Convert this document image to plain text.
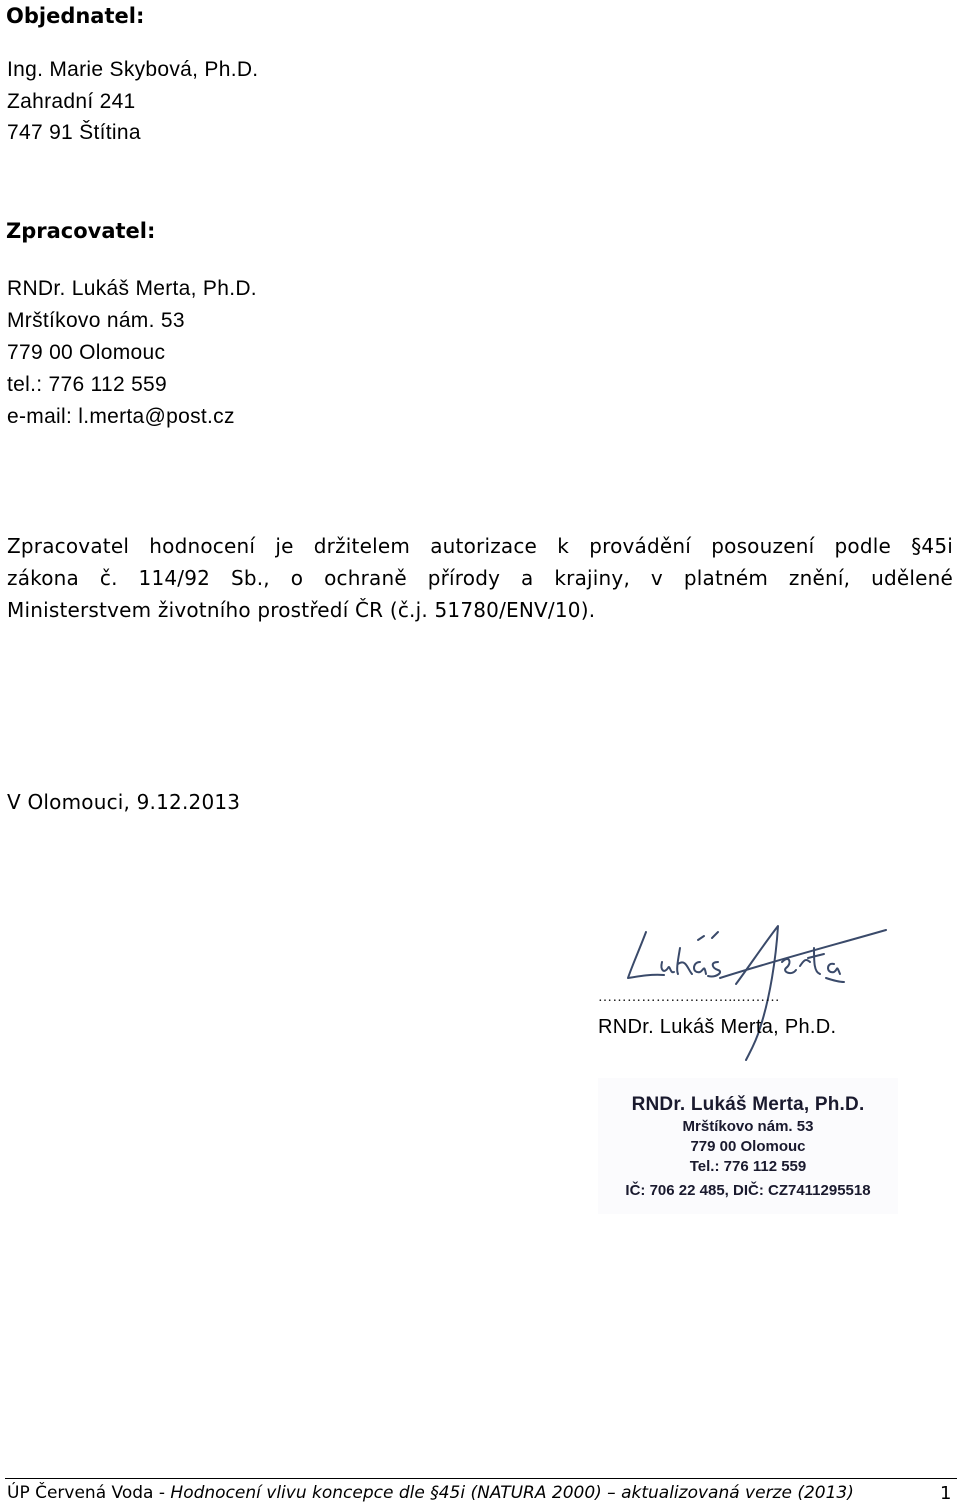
Objednatel:
Ing. Marie Skybová, Ph.D.
Zahradní 241
747 91 Štítina
Zpracovatel:
RNDr. Lukáš Merta, Ph.D.
Mrštíkovo nám. 53
779 00 Olomouc
tel.: 776 112 559
e-mail: l.merta@post.cz
Zpracovatel hodnocení je držitelem autorizace k provádění posouzení podle §45i
zákona č. 114/92 Sb., o ochraně přírody a krajiny, v platném znění, udělené
Ministerstvem životního prostředí ČR (č.j. 51780/ENV/10).
V Olomouci, 9.12.2013
………………………..………
RNDr. Lukáš Merta, Ph.D.
RNDr. Lukáš Merta, Ph.D.
Mrštíkovo nám. 53
779 00 Olomouc
Tel.: 776 112 559
IČ: 706 22 485, DIČ: CZ7411295518
ÚP Červená Voda - Hodnocení vlivu koncepce dle §45i (NATURA 2000) – aktualizovaná verze (2013)	1
